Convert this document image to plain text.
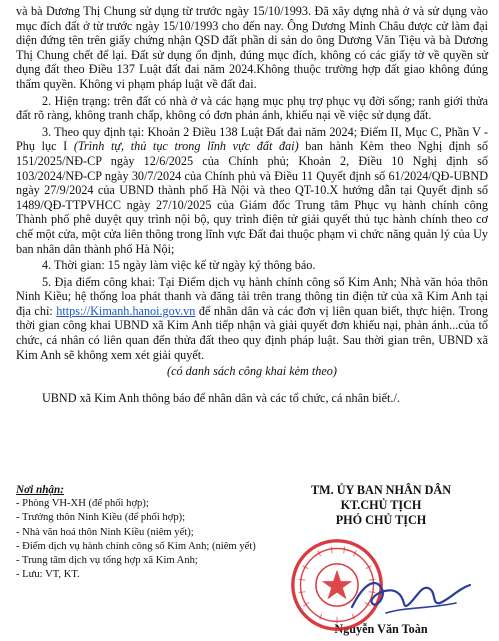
và bà Dương Thị Chung sử dụng từ trước ngày 15/10/1993. Đã xây dựng nhà ở và sử dụng vào mục đích đất ở từ trước ngày 15/10/1993 cho đến nay. Ông Dương Minh Châu được cử làm đại diện đứng tên trên giấy chứng nhận QSD đất phần di sản do ông Dương Văn Tiệu và bà Dương Thị Chung chết để lại. Đất sử dụng ổn định, đúng mục đích, không có các giấy tờ về quyền sử dụng đất theo Điều 137 Luật đất đai năm 2024.Không thuộc trường hợp đất giao không đúng thẩm quyền. Không vi phạm pháp luật về đất đai.

2. Hiện trạng: trên đất có nhà ở và các hạng mục phụ trợ phục vụ đời sống; ranh giới thửa đất rõ ràng, không tranh chấp, không có đơn phản ánh, khiếu nại về việc sử dụng đất.

3. Theo quy định tại: Khoản 2 Điều 138 Luật Đất đai năm 2024; Điểm II, Mục C, Phần V - Phụ lục I (Trình tự, thủ tục trong lĩnh vực đất đai) ban hành Kèm theo Nghị định số 151/2025/NĐ-CP ngày 12/6/2025 của Chính phủ; Khoản 2, Điều 10 Nghị định số 103/2024/NĐ-CP ngày 30/7/2024 của Chính phủ và Điều 11 Quyết định số 61/2024/QĐ-UBND ngày 27/9/2024 của UBND thành phố Hà Nội và theo QT-10.X hướng dẫn tại Quyết định số 1489/QĐ-TTPVHCC ngày 27/10/2025 của Giám đốc Trung tâm Phục vụ hành chính công Thành phố phê duyệt quy trình nội bộ, quy trình điện tử giải quyết thủ tục hành chính theo cơ chế một cửa, một cửa liên thông trong lĩnh vực Đất đai thuộc phạm vi chức năng quản lý của Uy ban nhân dân thành phố Hà Nội;

4. Thời gian: 15 ngày làm việc kể từ ngày ký thông báo.

5. Địa điểm công khai: Tại Điểm dịch vụ hành chính công số Kim Anh; Nhà văn hóa thôn Ninh Kiều; hệ thống loa phát thanh và đăng tải trên trang thông tin điện tử của xã Kim Anh tại địa chỉ: https://Kimanh.hanoi.gov.vn để nhân dân và các đơn vị liên quan biết, thực hiện. Trong thời gian công khai UBND xã Kim Anh tiếp nhận và giải quyết đơn khiếu nại, phản ánh...của tổ chức, cá nhân có liên quan đến thửa đất theo quy định pháp luật. Sau thời gian trên, UBND xã Kim Anh sẽ không xem xét giải quyết.

(có danh sách công khai kèm theo)

UBND xã Kim Anh thông báo để nhân dân và các tổ chức, cá nhân biết./.

Nơi nhận:
- Phòng VH-XH (để phối hợp);
- Trưởng thôn Ninh Kiều (để phối hợp);
- Nhà văn hoá thôn Ninh Kiều (niêm yết);
- Điểm dịch vụ hành chính công số Kim Anh; (niêm yết)
- Trung tâm dịch vụ tổng hợp xã Kim Anh;
- Lưu: VT, KT.
TM. ỦY BAN NHÂN DÂN
KT.CHỦ TỊCH
PHÓ CHỦ TỊCH
Nguyễn Văn Toàn
